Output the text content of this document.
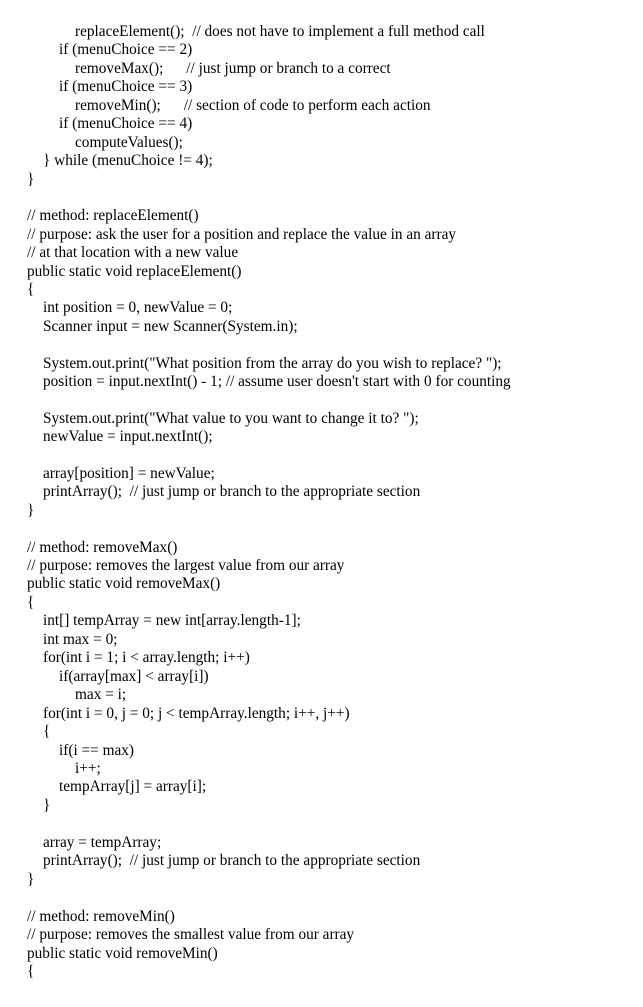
replaceElement();  // does not have to implement a full method call
if (menuChoice == 2)
removeMax();      // just jump or branch to a correct
if (menuChoice == 3)
removeMin();      // section of code to perform each action
if (menuChoice == 4)
computeValues();
} while (menuChoice != 4);
}
// method: replaceElement()
// purpose: ask the user for a position and replace the value in an array
// at that location with a new value
public static void replaceElement()
{
int position = 0, newValue = 0;
Scanner input = new Scanner(System.in);
System.out.print("What position from the array do you wish to replace? ");
position = input.nextInt() - 1; // assume user doesn't start with 0 for counting
System.out.print("What value to you want to change it to? ");
newValue = input.nextInt();
array[position] = newValue;
printArray();  // just jump or branch to the appropriate section
}
// method: removeMax()
// purpose: removes the largest value from our array
public static void removeMax()
{
int[] tempArray = new int[array.length-1];
int max = 0;
for(int i = 1; i < array.length; i++)
if(array[max] < array[i])
max = i;
for(int i = 0, j = 0; j < tempArray.length; i++, j++)
{
if(i == max)
i++;
tempArray[j] = array[i];
}
array = tempArray;
printArray();  // just jump or branch to the appropriate section
}
// method: removeMin()
// purpose: removes the smallest value from our array
public static void removeMin()
{
